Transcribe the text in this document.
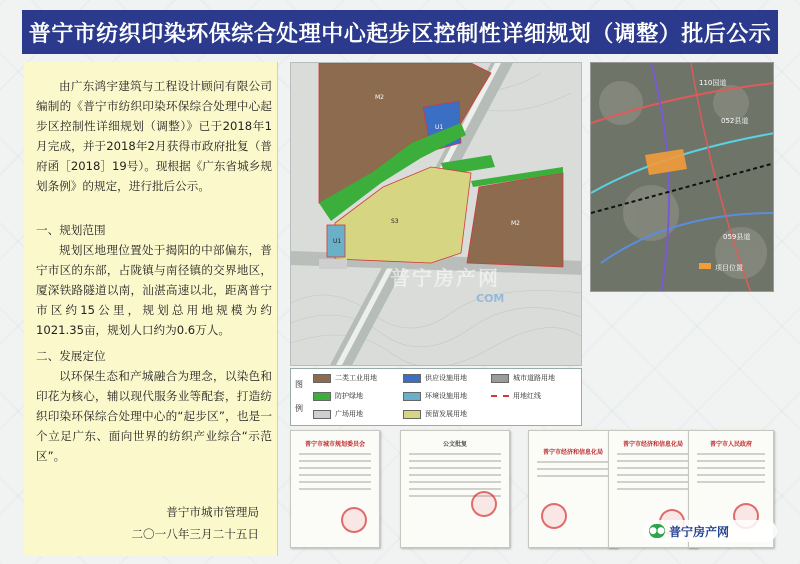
普宁市纺织印染环保综合处理中心起步区控制性详细规划（调整）批后公示
由广东鸿宇建筑与工程设计顾问有限公司编制的《普宁市纺织印染环保综合处理中心起步区控制性详细规划（调整）》已于2018年1月完成，并于2018年2月获得市政府批复（普府函［2018］19号）。现根据《广东省城乡规划条例》的规定，进行批后公示。
一、规划范围
规划区地理位置处于揭阳的中部偏东，普宁市区的东部，占陇镇与南径镇的交界地区，厦深铁路隧道以南，汕湛高速以北，距离普宁市区约15公里，规划总用地规模为约1021.35亩，规划人口约为0.6万人。
二、发展定位
以环保生态和产城融合为理念，以染色和印花为核心，辅以现代服务业等配套，打造纺织印染环保综合处理中心的“起步区”，也是一个立足广东、面向世界的纺织产业综合“示范区”。
普宁市城市管理局
二〇一八年三月二十五日
M2
U1
U1
S3	M2
普宁房产网
COM
图例
二类工业用地
防护绿地
广场用地
供应设施用地
环境设施用地
预留发展用地
城市道路用地
用地红线
110国道
052县道
059县道
项目位置
普宁市城市规划委员会	公文批复
普宁市经济和信息化局
普宁市经济和信息化局	普宁市人民政府
●● 普宁房产网
